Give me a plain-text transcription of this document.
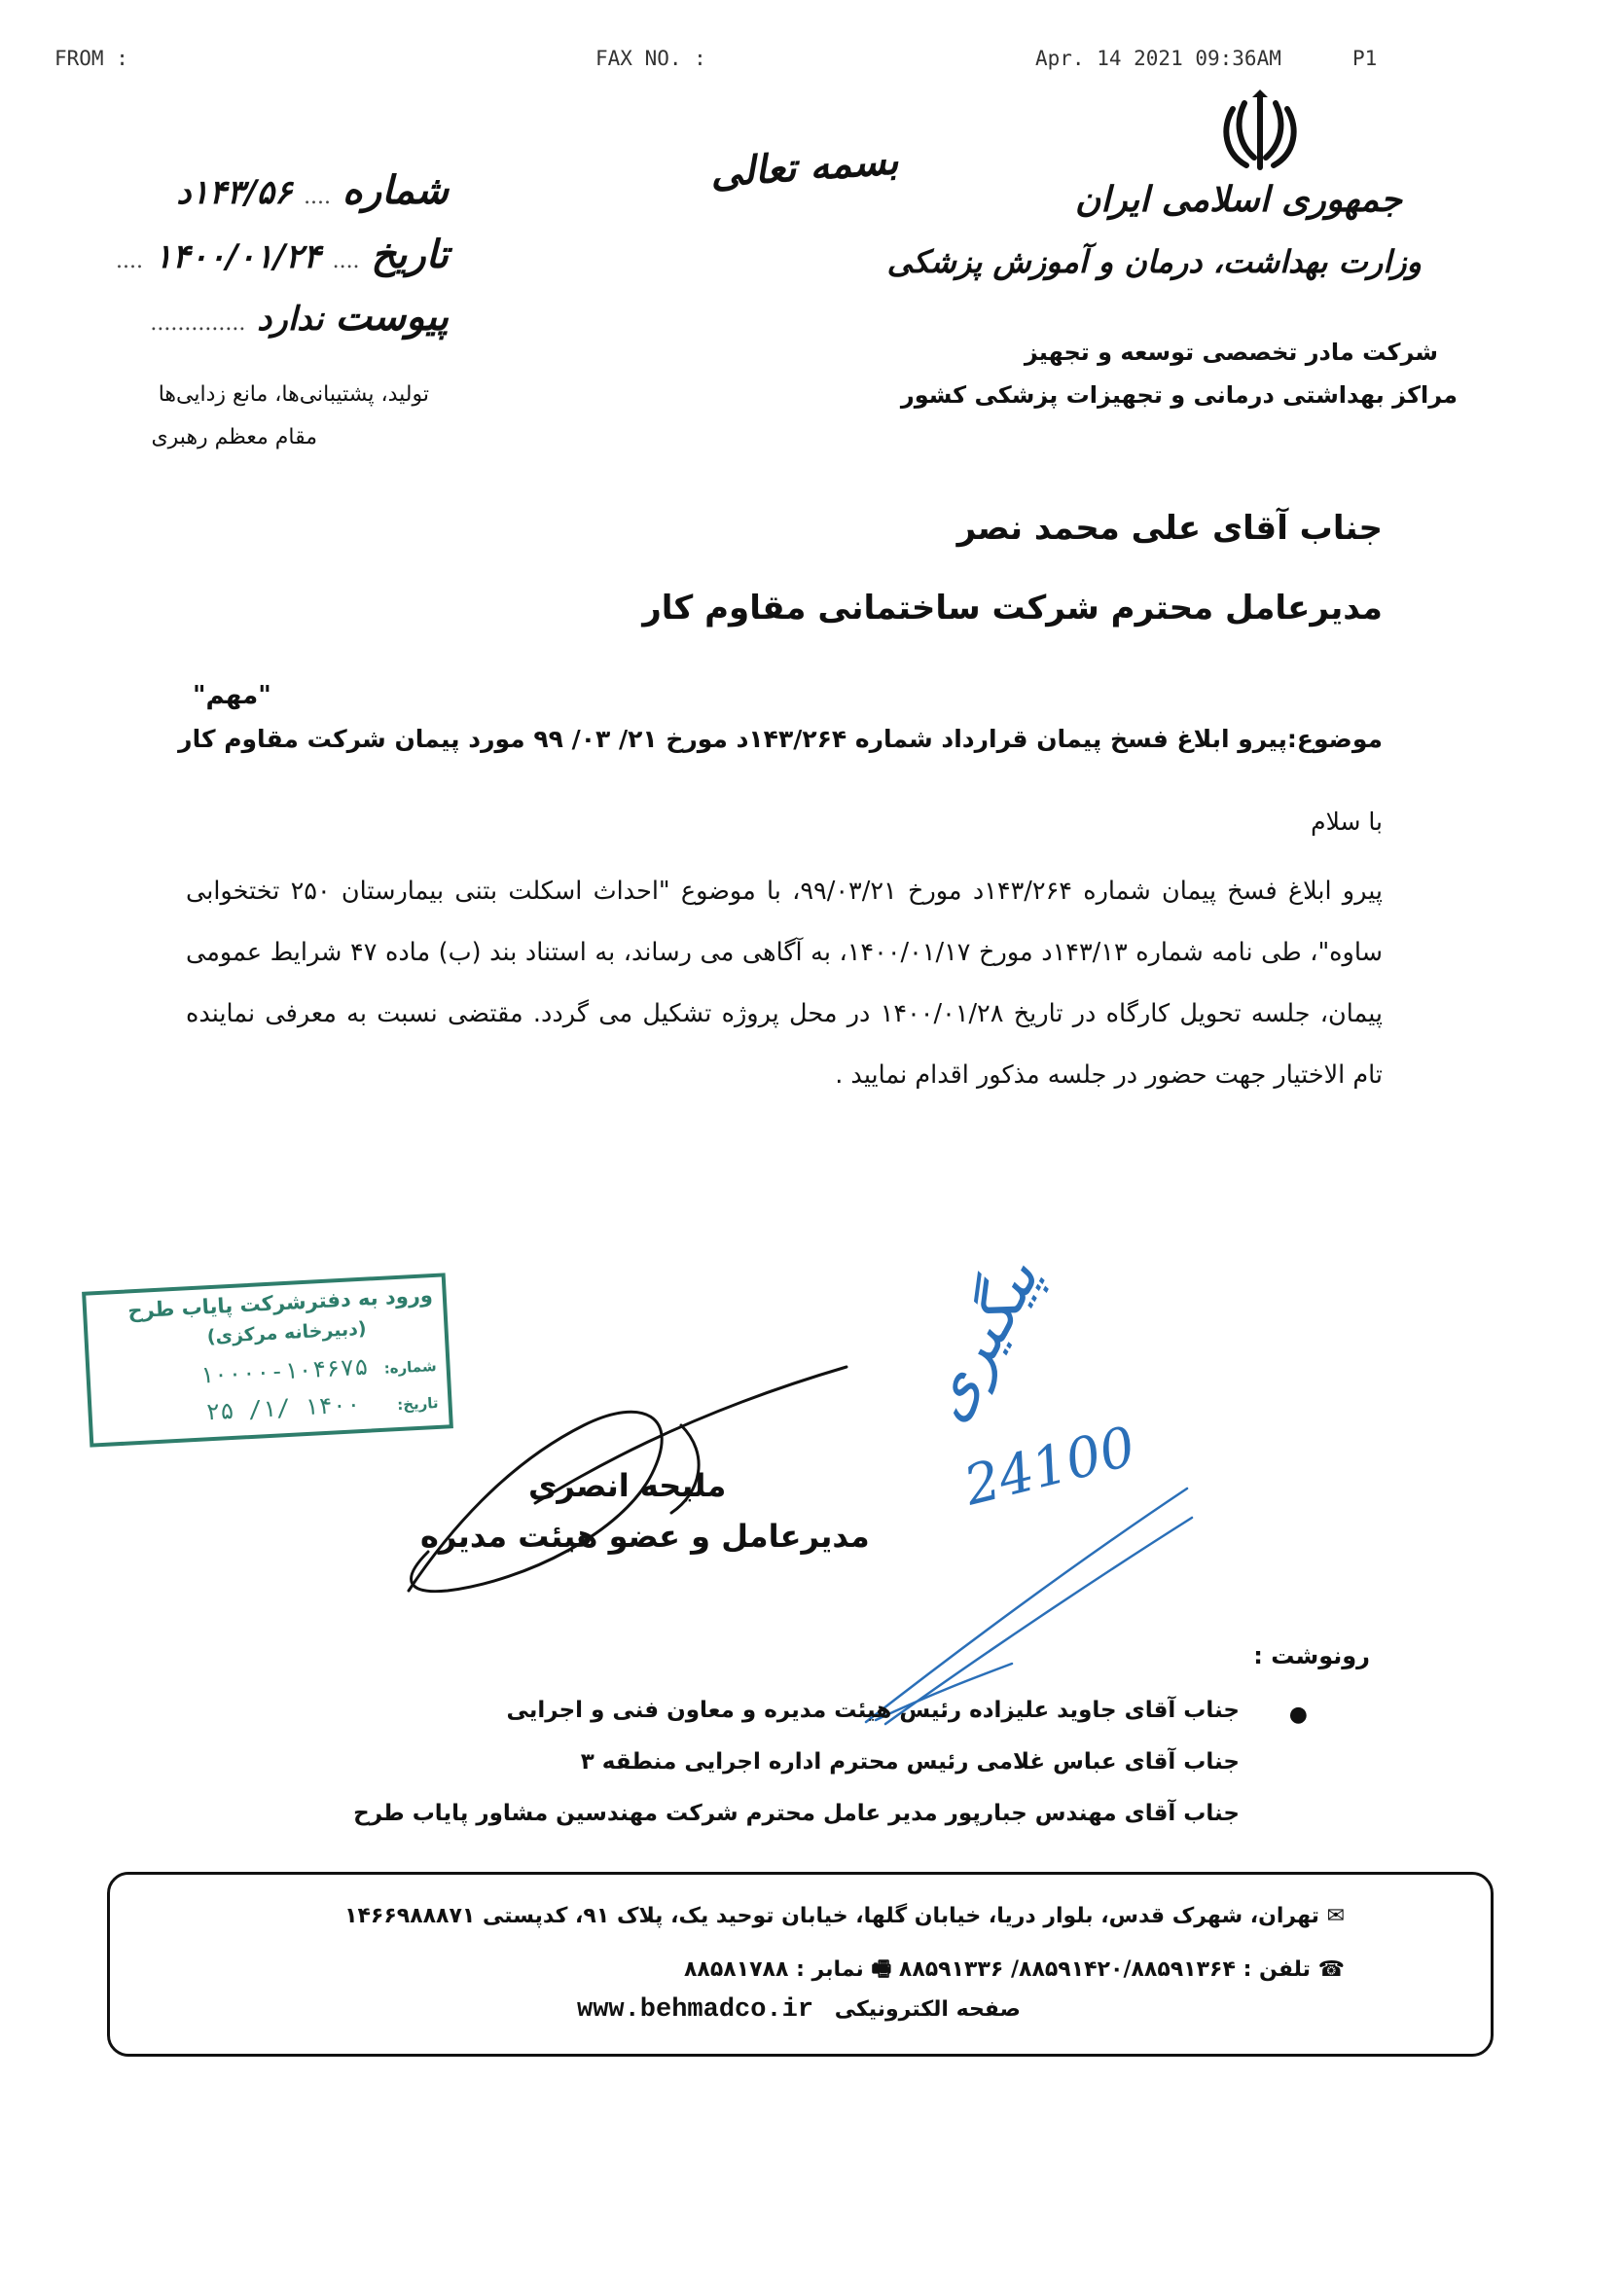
FROM :	FAX NO. :	Apr. 14 2021 09:36AM	P1
شماره .... ۱۴۳/۵۶د
تاریخ .... ۱۴۰۰/۰۱/۲۴ ....
پیوست ندارد ..............
تولید، پشتیبانی‌ها، مانع زدایی‌ها
مقام معظم رهبری
بسمه تعالی
جمهوری اسلامی ایران
وزارت بهداشت، درمان و آموزش پزشکی
شرکت مادر تخصصی توسعه و تجهیز
مراکز بهداشتی درمانی و تجهیزات پزشکی کشور
جناب آقای علی محمد نصر
مدیرعامل محترم شرکت ساختمانی مقاوم کار
"مهم"
موضوع:پیرو ابلاغ فسخ پیمان قرارداد شماره ۱۴۳/۲۶۴د مورخ ۲۱/ ۰۳/ ۹۹ مورد پیمان شرکت مقاوم کار
با سلام
پیرو ابلاغ فسخ پیمان شماره ۱۴۳/۲۶۴د مورخ ۹۹/۰۳/۲۱، با موضوع "احداث اسکلت بتنی بیمارستان ۲۵۰ تختخوابی ساوه"، طی نامه شماره ۱۴۳/۱۳د مورخ ۱۴۰۰/۰۱/۱۷، به آگاهی می رساند، به استناد بند (ب) ماده ۴۷ شرایط عمومی پیمان، جلسه تحویل کارگاه در تاریخ ۱۴۰۰/۰۱/۲۸ در محل پروژه تشکیل می گردد. مقتضی نسبت به معرفی نماینده تام الاختیار جهت حضور در جلسه مذکور اقدام نمایید .
ورود به دفترشرکت پایاب طرح
(دبیرخانه مرکزی)
شماره:
۱۰۰۰۰-۱۰۴۶۷۵
تاریخ:
۱۴۰۰ /۱/ ۲۵
ملیحه انصری
مدیرعامل و عضو هیئت مدیره
پیگیری
24100
رونوشت :
●
جناب آقای جاوید علیزاده رئیس هیئت مدیره و معاون فنی و اجرایی
جناب آقای عباس غلامی رئیس محترم اداره اجرایی منطقه ۳
جناب آقای مهندس جبارپور مدیر عامل محترم شرکت مهندسین مشاور پایاب طرح
✉ تهران، شهرک قدس، بلوار دریا، خیابان گلها، خیابان توحید یک، پلاک ۹۱، کدپستی ۱۴۶۶۹۸۸۸۷۱
☎ تلفن : ۸۸۵۹۱۴۲۰/۸۸۵۹۱۳۶۴/ ۸۸۵۹۱۳۳۶ 🖷 نمابر : ۸۸۵۸۱۷۸۸
www.behmadco.ir صفحه الکترونیکی
